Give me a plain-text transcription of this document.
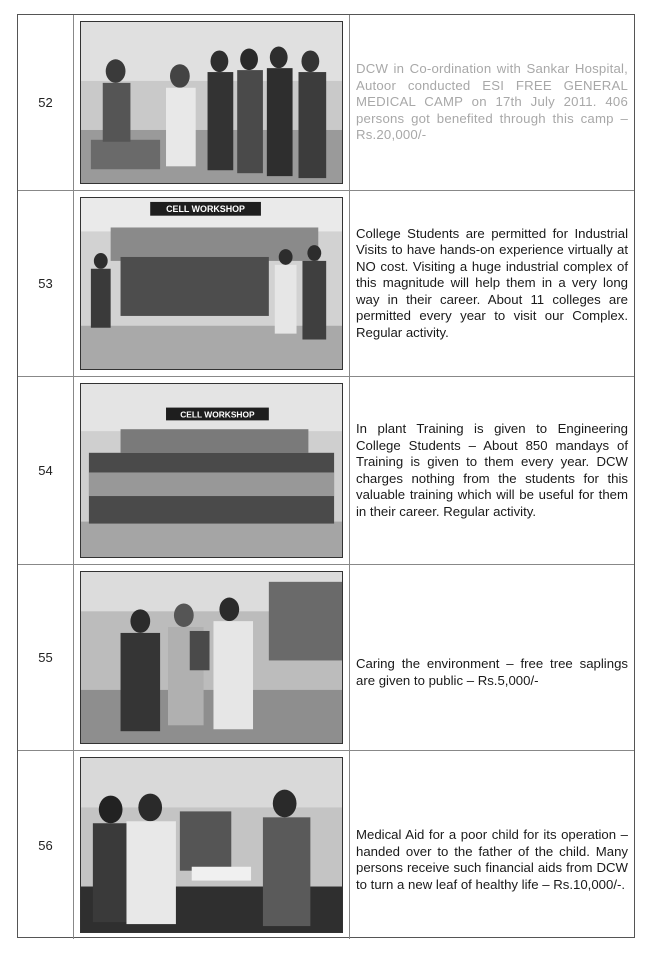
52

DCW in Co-ordination with Sankar Hospital, Autoor conducted ESI FREE GENERAL MEDICAL CAMP on 17th July 2011. 406 persons got benefited through this camp – Rs.20,000/-

53
CELL WORKSHOP

College Students are permitted for Industrial Visits to have hands-on experience virtually at NO cost. Visiting a huge industrial complex of this magnitude will help them in a very long way in their career. About 11 colleges are permitted every year to visit our Complex. Regular activity.

54
CELL WORKSHOP

In plant Training is given to Engineering College Students – About 850 mandays of Training is given to them every year. DCW charges nothing from the students for this valuable training which will be useful for them in their career. Regular activity.

55	Caring the environment – free tree saplings are given to public – Rs.5,000/-

56

Medical Aid for a poor child for its operation – handed over to the father of the child. Many persons receive such financial aids from DCW to turn a new leaf of healthy life – Rs.10,000/-.
